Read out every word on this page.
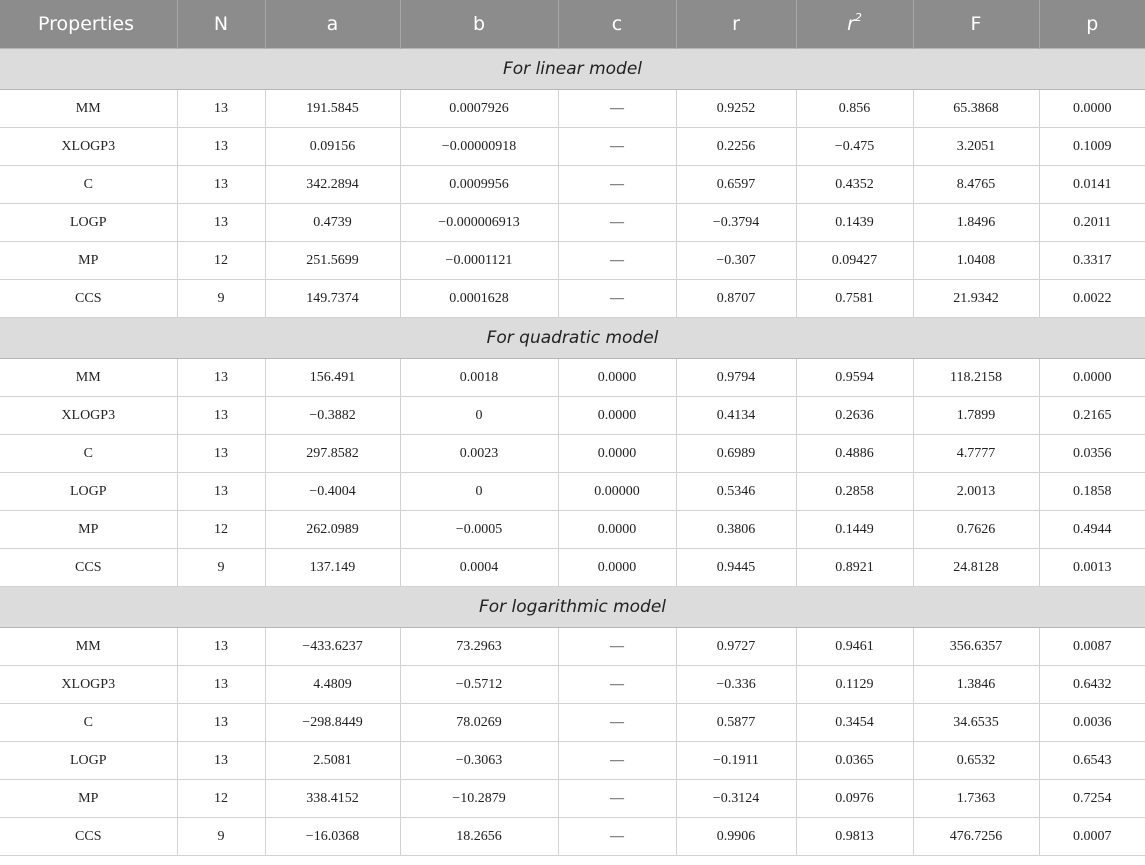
Properties	N	a	b	c	r	$r^2$	F	p
For linear model								
MM	13	191.5845	0.0007926	—	0.9252	0.856	65.3868	0.0000
XLOGP3	13	0.09156	−0.00000918	—	0.2256	−0.475	3.2051	0.1009
C	13	342.2894	0.0009956	—	0.6597	0.4352	8.4765	0.0141
LOGP	13	0.4739	−0.000006913	—	−0.3794	0.1439	1.8496	0.2011
MP	12	251.5699	−0.0001121	—	−0.307	0.09427	1.0408	0.3317
CCS	9	149.7374	0.0001628	—	0.8707	0.7581	21.9342	0.0022
For quadratic model								
MM	13	156.491	0.0018	0.0000	0.9794	0.9594	118.2158	0.0000
XLOGP3	13	−0.3882	0	0.0000	0.4134	0.2636	1.7899	0.2165
C	13	297.8582	0.0023	0.0000	0.6989	0.4886	4.7777	0.0356
LOGP	13	−0.4004	0	0.00000	0.5346	0.2858	2.0013	0.1858
MP	12	262.0989	−0.0005	0.0000	0.3806	0.1449	0.7626	0.4944
CCS	9	137.149	0.0004	0.0000	0.9445	0.8921	24.8128	0.0013
For logarithmic model								
MM	13	−433.6237	73.2963	—	0.9727	0.9461	356.6357	0.0087
XLOGP3	13	4.4809	−0.5712	—	−0.336	0.1129	1.3846	0.6432
C	13	−298.8449	78.0269	—	0.5877	0.3454	34.6535	0.0036
LOGP	13	2.5081	−0.3063	—	−0.1911	0.0365	0.6532	0.6543
MP	12	338.4152	−10.2879	—	−0.3124	0.0976	1.7363	0.7254
CCS	9	−16.0368	18.2656	—	0.9906	0.9813	476.7256	0.0007
